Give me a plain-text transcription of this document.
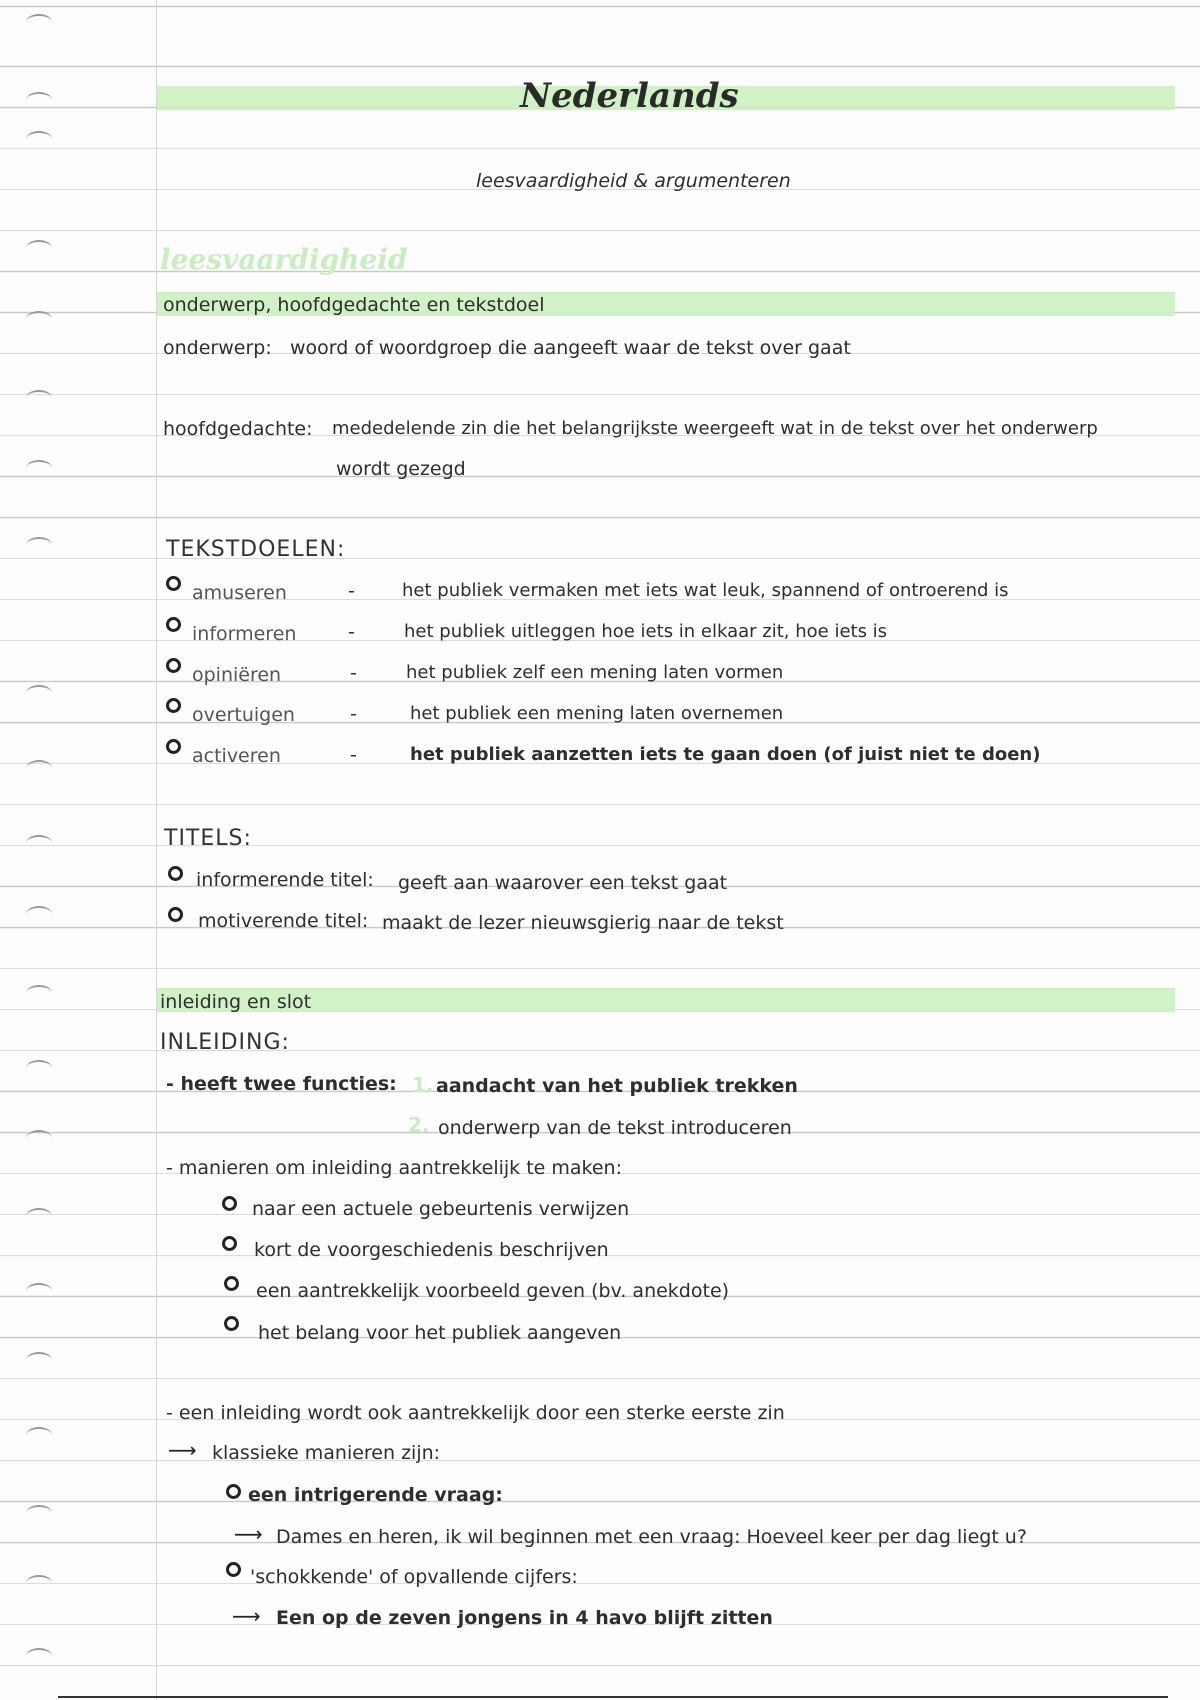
Nederlands
leesvaardigheid & argumenteren
leesvaardigheid
onderwerp, hoofdgedachte en tekstdoel
onderwerp: woord of woordgroep die aangeeft waar de tekst over gaat
hoofdgedachte: mededelende zin die het belangrijkste weergeeft wat in de tekst over het onderwerp
wordt gezegd
TEKSTDOELEN:
amuseren	-	het publiek vermaken met iets wat leuk, spannend of ontroerend is
informeren	-	het publiek uitleggen hoe iets in elkaar zit, hoe iets is
opiniëren	-	het publiek zelf een mening laten vormen
overtuigen	-	het publiek een mening laten overnemen
activeren	-	het publiek aanzetten iets te gaan doen (of juist niet te doen)
TITELS:
informerende titel: geeft aan waarover een tekst gaat
motiverende titel: maakt de lezer nieuwsgierig naar de tekst
inleiding en slot
INLEIDING:
- heeft twee functies: 1. aandacht van het publiek trekken
2. onderwerp van de tekst introduceren
- manieren om inleiding aantrekkelijk te maken:
naar een actuele gebeurtenis verwijzen
kort de voorgeschiedenis beschrijven
een aantrekkelijk voorbeeld geven (bv. anekdote)
het belang voor het publiek aangeven
- een inleiding wordt ook aantrekkelijk door een sterke eerste zin
⟶ klassieke manieren zijn:
een intrigerende vraag:
⟶ Dames en heren, ik wil beginnen met een vraag: Hoeveel keer per dag liegt u?
'schokkende' of opvallende cijfers:
⟶ Een op de zeven jongens in 4 havo blijft zitten
